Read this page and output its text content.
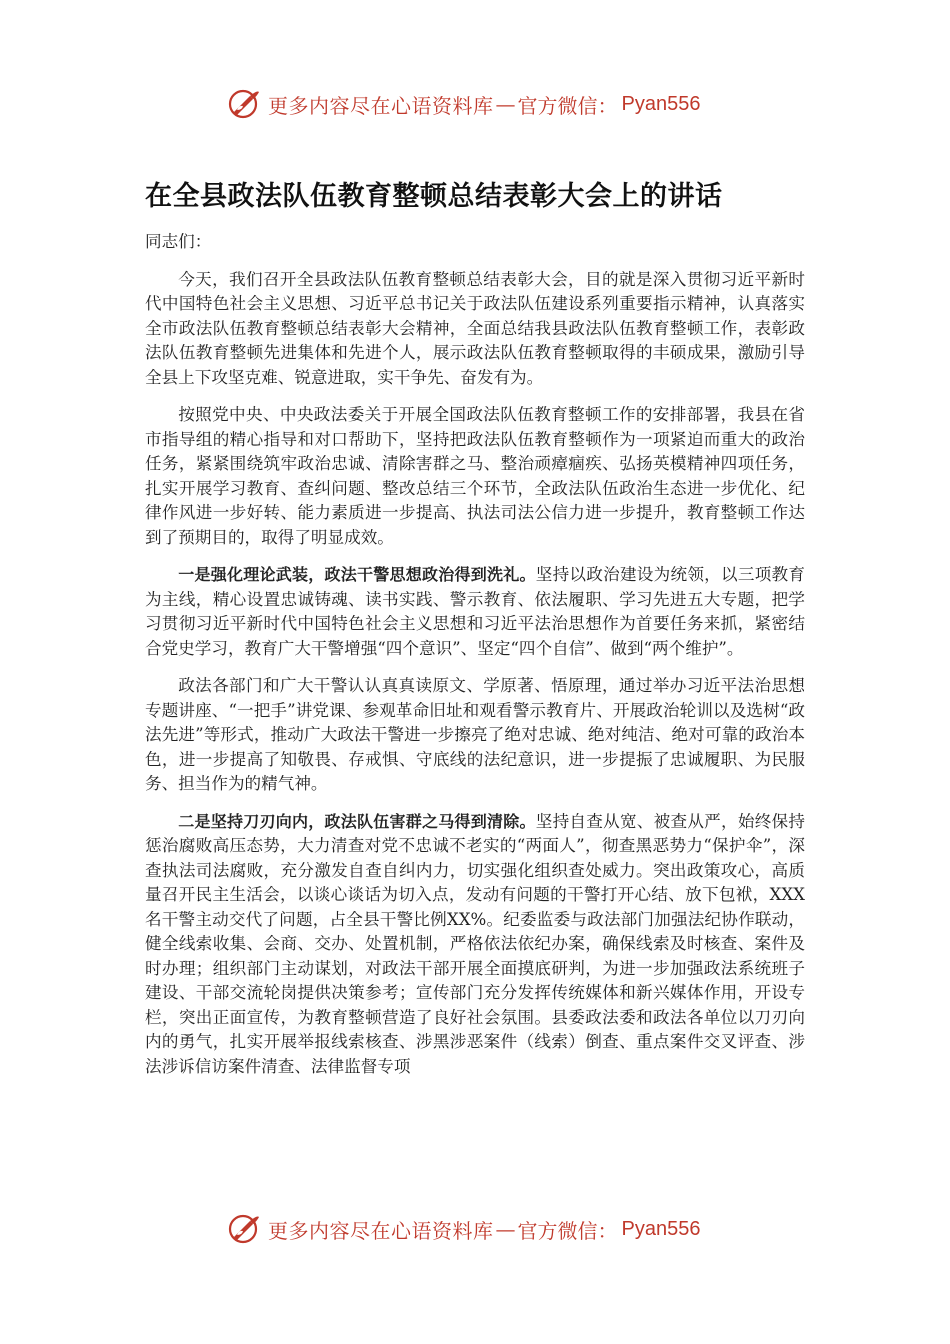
更多内容尽在心语资料库 — 官方微信： Pyan556
在全县政法队伍教育整顿总结表彰大会上的讲话

同志们：

今天，我们召开全县政法队伍教育整顿总结表彰大会，目的就是深入贯彻习近平新时代中国特色社会主义思想、习近平总书记关于政法队伍建设系列重要指示精神，认真落实全市政法队伍教育整顿总结表彰大会精神，全面总结我县政法队伍教育整顿工作，表彰政法队伍教育整顿先进集体和先进个人，展示政法队伍教育整顿取得的丰硕成果，激励引导全县上下攻坚克难、锐意进取，实干争先、奋发有为。

按照党中央、中央政法委关于开展全国政法队伍教育整顿工作的安排部署，我县在省市指导组的精心指导和对口帮助下，坚持把政法队伍教育整顿作为一项紧迫而重大的政治任务，紧紧围绕筑牢政治忠诚、清除害群之马、整治顽瘴痼疾、弘扬英模精神四项任务，扎实开展学习教育、查纠问题、整改总结三个环节，全政法队伍政治生态进一步优化、纪律作风进一步好转、能力素质进一步提高、执法司法公信力进一步提升，教育整顿工作达到了预期目的，取得了明显成效。

一是强化理论武装，政法干警思想政治得到洗礼。坚持以政治建设为统领，以三项教育为主线，精心设置忠诚铸魂、读书实践、警示教育、依法履职、学习先进五大专题，把学习贯彻习近平新时代中国特色社会主义思想和习近平法治思想作为首要任务来抓，紧密结合党史学习，教育广大干警增强“四个意识”、坚定“四个自信”、做到“两个维护”。

政法各部门和广大干警认认真真读原文、学原著、悟原理，通过举办习近平法治思想专题讲座、“一把手”讲党课、参观革命旧址和观看警示教育片、开展政治轮训以及选树“政法先进”等形式，推动广大政法干警进一步擦亮了绝对忠诚、绝对纯洁、绝对可靠的政治本色，进一步提高了知敬畏、存戒惧、守底线的法纪意识，进一步提振了忠诚履职、为民服务、担当作为的精气神。

二是坚持刀刃向内，政法队伍害群之马得到清除。坚持自查从宽、被查从严，始终保持惩治腐败高压态势，大力清查对党不忠诚不老实的“两面人”，彻查黑恶势力“保护伞”，深查执法司法腐败，充分激发自查自纠内力，切实强化组织查处威力。突出政策攻心，高质量召开民主生活会，以谈心谈话为切入点，发动有问题的干警打开心结、放下包袱，XXX名干警主动交代了问题，占全县干警比例XX%。纪委监委与政法部门加强法纪协作联动，健全线索收集、会商、交办、处置机制，严格依法依纪办案，确保线索及时核查、案件及时办理；组织部门主动谋划，对政法干部开展全面摸底研判，为进一步加强政法系统班子建设、干部交流轮岗提供决策参考；宣传部门充分发挥传统媒体和新兴媒体作用，开设专栏，突出正面宣传，为教育整顿营造了良好社会氛围。县委政法委和政法各单位以刀刃向内的勇气，扎实开展举报线索核查、涉黑涉恶案件（线索）倒查、重点案件交叉评查、涉法涉诉信访案件清查、法律监督专项

更多内容尽在心语资料库 — 官方微信： Pyan556
